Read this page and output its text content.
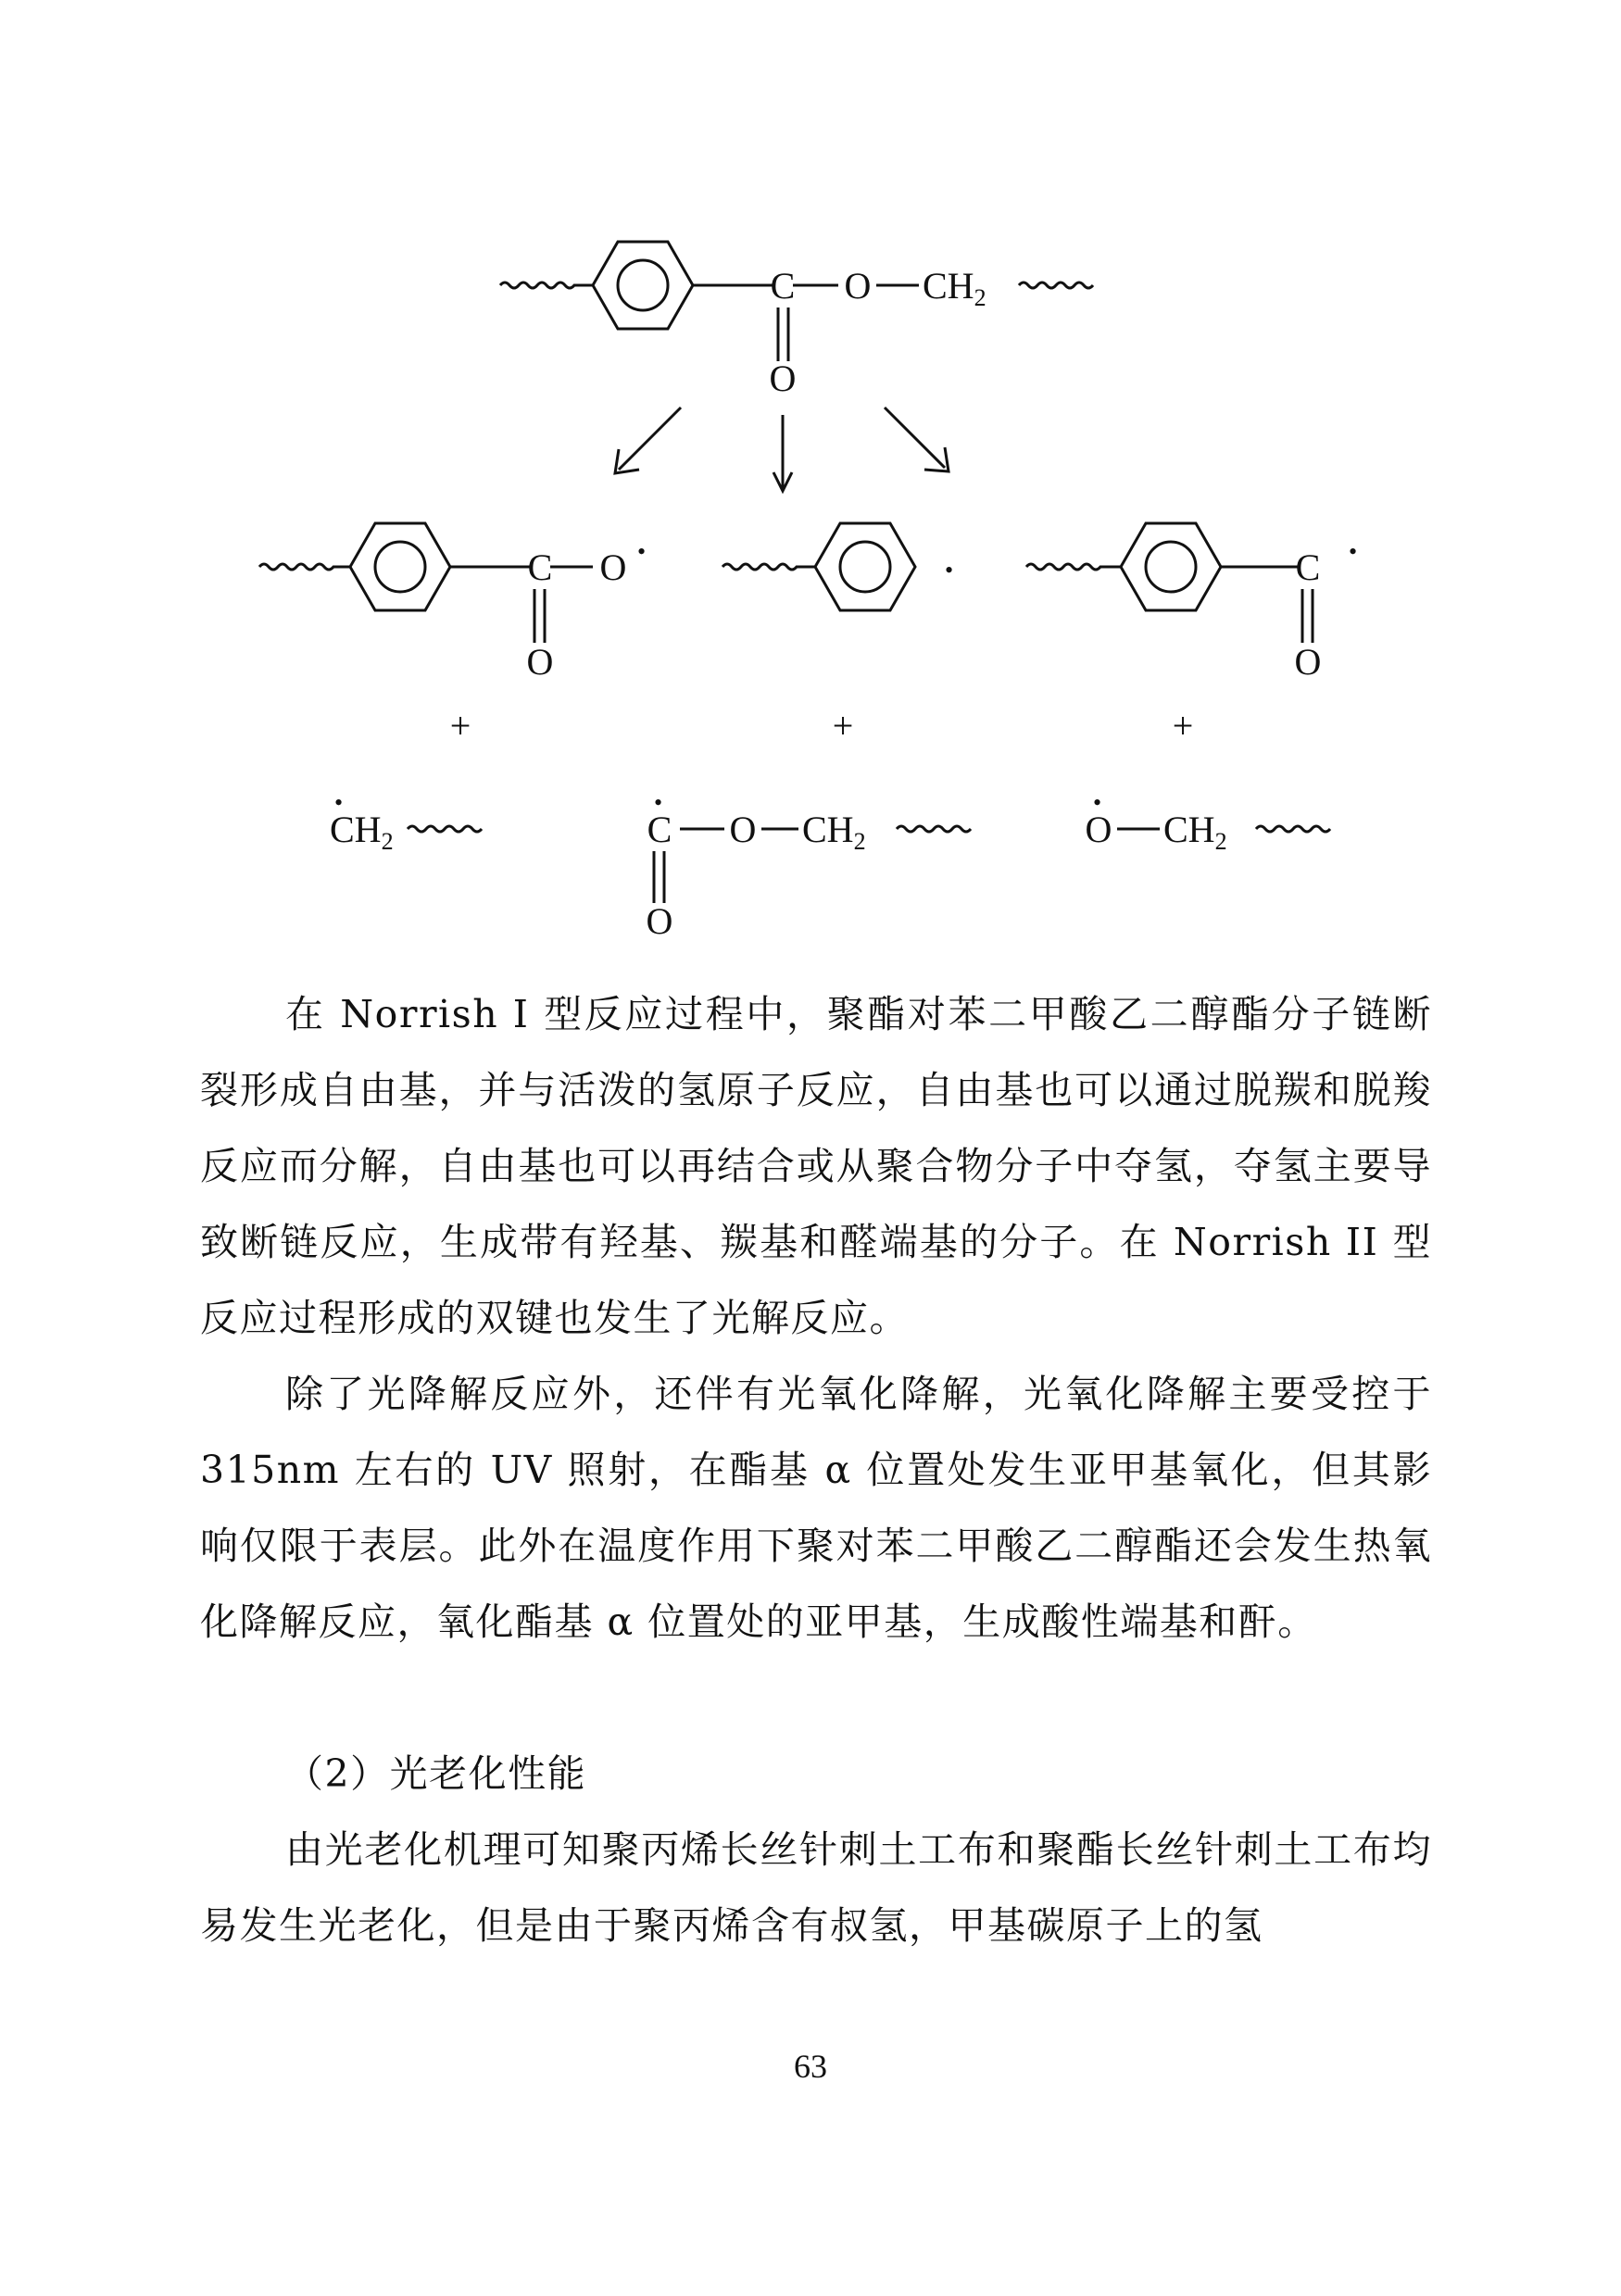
C O $CH_2$
O
C O •
O
•	C •
O
+	+	+
$CH_2$
•
C
•
O $CH_2$
O
O
•
$CH_2$

在 Norrish I 型反应过程中，聚酯对苯二甲酸乙二醇酯分子链断裂形成自由基，并与活泼的氢原子反应，自由基也可以通过脱羰和脱羧反应而分解，自由基也可以再结合或从聚合物分子中夺氢，夺氢主要导致断链反应，生成带有羟基、羰基和醛端基的分子。在 Norrish II 型反应过程形成的双键也发生了光解反应。

除了光降解反应外，还伴有光氧化降解，光氧化降解主要受控于 315nm 左右的 UV 照射，在酯基 α 位置处发生亚甲基氧化，但其影响仅限于表层。此外在温度作用下聚对苯二甲酸乙二醇酯还会发生热氧化降解反应，氧化酯基 α 位置处的亚甲基，生成酸性端基和酐。

（2）光老化性能

由光老化机理可知聚丙烯长丝针刺土工布和聚酯长丝针刺土工布均易发生光老化，但是由于聚丙烯含有叔氢，甲基碳原子上的氢

63
